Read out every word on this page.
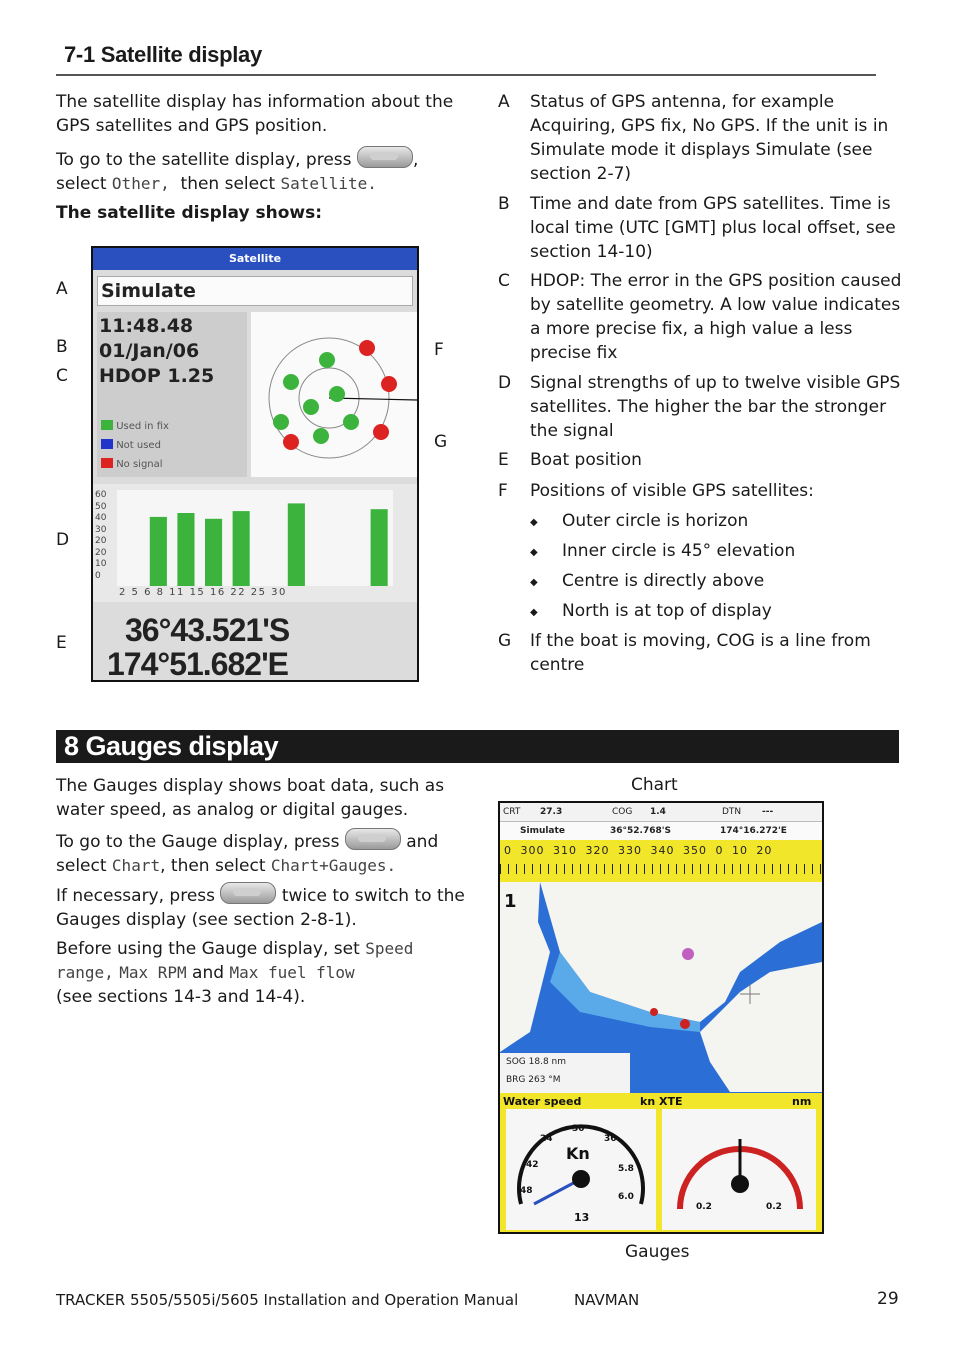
7-1 Satellite display
The satellite display has information about the GPS satellites and GPS position.
To go to the satellite display, press	,
select Other, then select Satellite.
The satellite display shows:
A
B
C
D
E
F
G
Satellite
Simulate
11:48.48
01/Jan/06
HDOP 1.25
Used in fix
Not used
No signal
60
50
40
30
20
20
10
0
2 5 6 8 11 15 16 22 25 30
36°43.521'S
174°51.682'E
A Status of GPS antenna, for example Acquiring, GPS fix, No GPS. If the unit is in Simulate mode it displays Simulate (see section 2-7)
B Time and date from GPS satellites. Time is local time (UTC [GMT] plus local offset, see section 14-10)
C HDOP: The error in the GPS position caused by satellite geometry. A low value indicates a more precise fix, a high value a less precise fix
D Signal strengths of up to twelve visible GPS satellites. The higher the bar the stronger the signal
E Boat position
F Positions of visible GPS satellites:
◆ Outer circle is horizon
◆ Inner circle is 45° elevation
◆ Centre is directly above
◆ North is at top of display
G If the boat is moving, COG is a line from centre
8 Gauges display
The Gauges display shows boat data, such as water speed, as analog or digital gauges.
To go to the Gauge display, press	and
select Chart, then select Chart+Gauges.
If necessary, press	twice to switch to the
Gauges display (see section 2-8-1).
Before using the Gauge display, set Speed
range, Max RPM and Max fuel flow
(see sections 14-3 and 14-4).
Chart
CRT 27.3	COG 1.4	DTN ---
Simulate	36°52.768'S	174°16.272'E
0 300 310 320 330 340 350 0 10 20
1
SOG 18.8 nm
BRG 263 °M
Water speed	kn XTE	nm
Kn
24
30
36
42
48
5.8
6.0
13
0.2	0.2
Gauges
TRACKER 5505/5505i/5605 Installation and Operation Manual	NAVMAN	29
